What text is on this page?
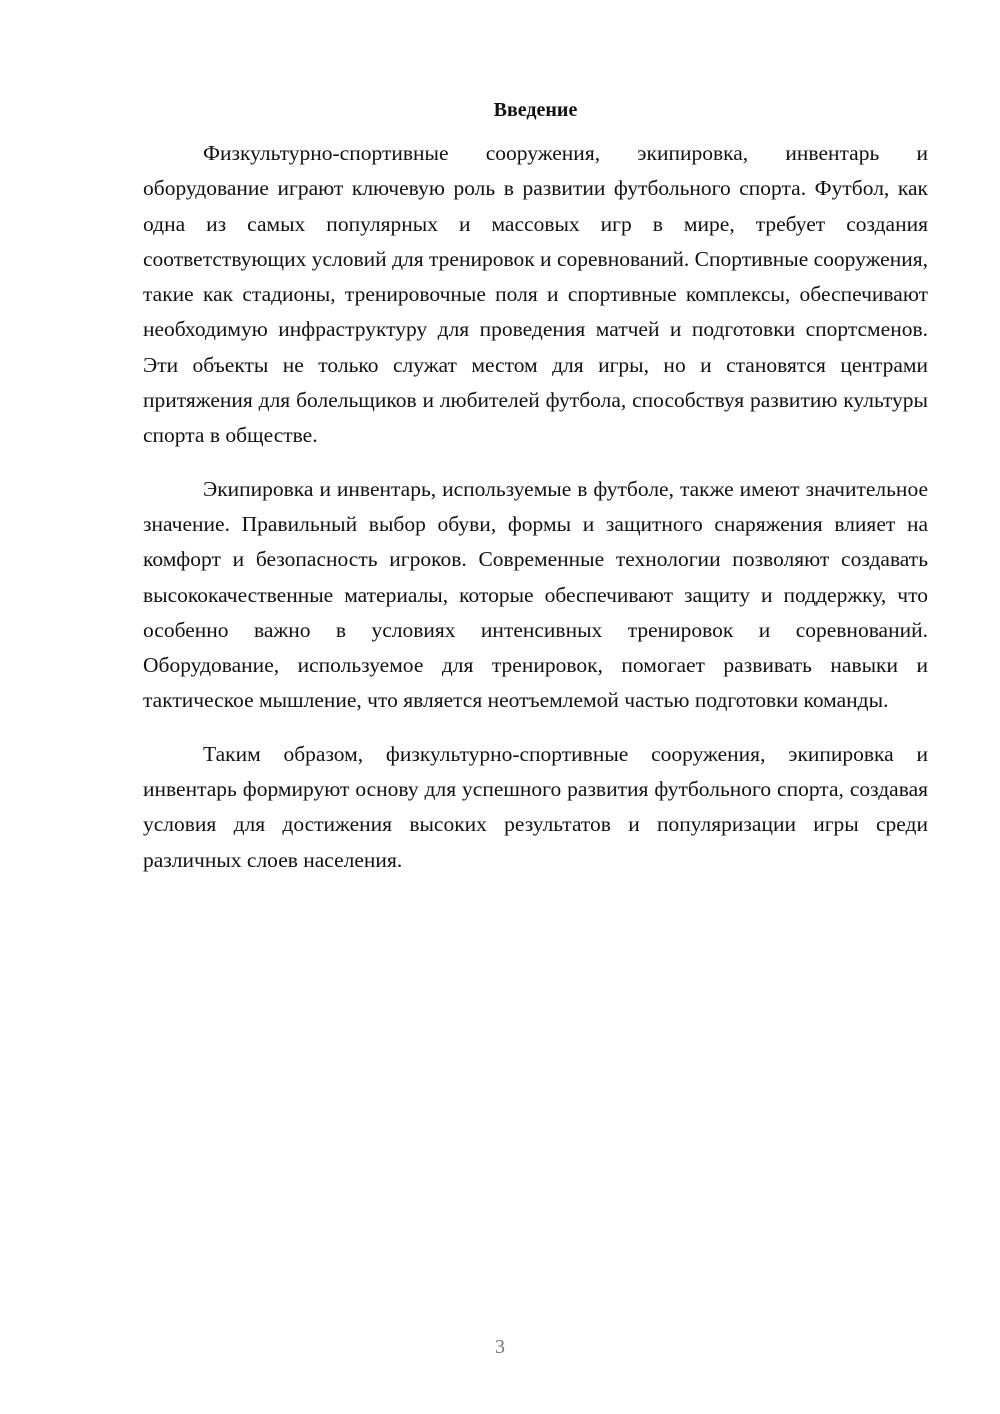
Введение

Физкультурно-спортивные сооружения, экипировка, инвентарь и оборудование играют ключевую роль в развитии футбольного спорта. Футбол, как одна из самых популярных и массовых игр в мире, требует создания соответствующих условий для тренировок и соревнований. Спортивные сооружения, такие как стадионы, тренировочные поля и спортивные комплексы, обеспечивают необходимую инфраструктуру для проведения матчей и подготовки спортсменов. Эти объекты не только служат местом для игры, но и становятся центрами притяжения для болельщиков и любителей футбола, способствуя развитию культуры спорта в обществе.

Экипировка и инвентарь, используемые в футболе, также имеют значительное значение. Правильный выбор обуви, формы и защитного снаряжения влияет на комфорт и безопасность игроков. Современные технологии позволяют создавать высококачественные материалы, которые обеспечивают защиту и поддержку, что особенно важно в условиях интенсивных тренировок и соревнований. Оборудование, используемое для тренировок, помогает развивать навыки и тактическое мышление, что является неотъемлемой частью подготовки команды.

Таким образом, физкультурно-спортивные сооружения, экипировка и инвентарь формируют основу для успешного развития футбольного спорта, создавая условия для достижения высоких результатов и популяризации игры среди различных слоев населения.

3
